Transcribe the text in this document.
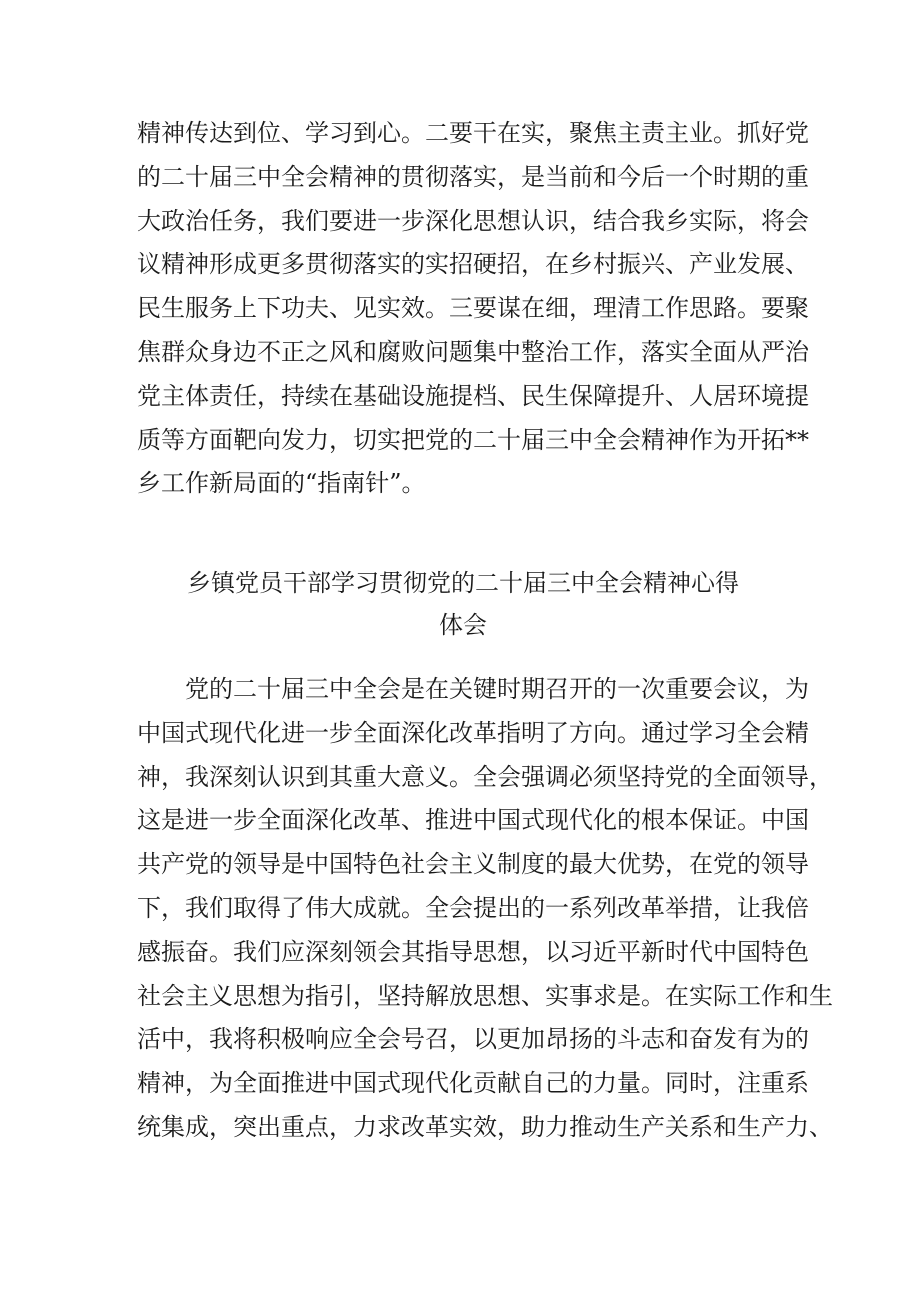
精神传达到位、学习到心。二要干在实，聚焦主责主业。抓好党
的二十届三中全会精神的贯彻落实，是当前和今后一个时期的重
大政治任务，我们要进一步深化思想认识，结合我乡实际，将会
议精神形成更多贯彻落实的实招硬招，在乡村振兴、产业发展、
民生服务上下功夫、见实效。三要谋在细，理清工作思路。要聚
焦群众身边不正之风和腐败问题集中整治工作，落实全面从严治
党主体责任，持续在基础设施提档、民生保障提升、人居环境提
质等方面靶向发力，切实把党的二十届三中全会精神作为开拓**
乡工作新局面的“指南针”。
乡镇党员干部学习贯彻党的二十届三中全会精神心得
体会
党的二十届三中全会是在关键时期召开的一次重要会议，为
中国式现代化进一步全面深化改革指明了方向。通过学习全会精
神，我深刻认识到其重大意义。全会强调必须坚持党的全面领导，
这是进一步全面深化改革、推进中国式现代化的根本保证。中国
共产党的领导是中国特色社会主义制度的最大优势，在党的领导
下，我们取得了伟大成就。全会提出的一系列改革举措，让我倍
感振奋。我们应深刻领会其指导思想，以习近平新时代中国特色
社会主义思想为指引，坚持解放思想、实事求是。在实际工作和生
活中，我将积极响应全会号召，以更加昂扬的斗志和奋发有为的
精神，为全面推进中国式现代化贡献自己的力量。同时，注重系
统集成，突出重点，力求改革实效，助力推动生产关系和生产力、
